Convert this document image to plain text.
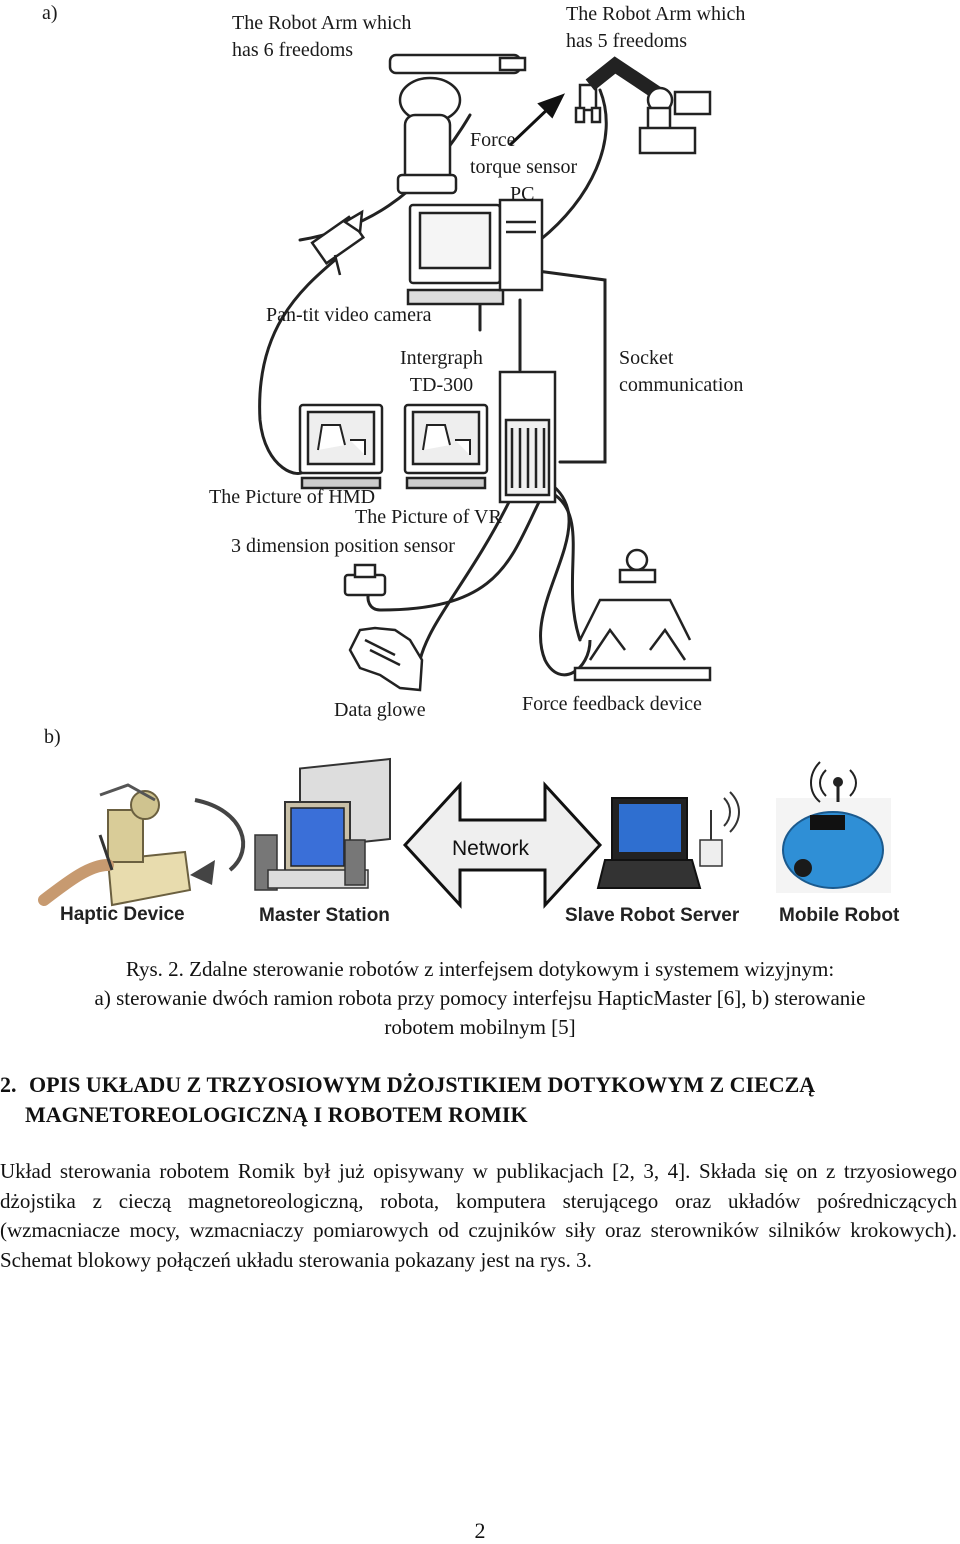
a)	The Robot Arm which
has 6 freedoms
The Robot Arm which
has 5 freedoms
Force
torque sensor
PC
Pan-tit video camera
Intergraph
TD-300
Socket
communication
The Picture of HMD
The Picture of VR
3 dimension position sensor
Data glowe	Force feedback device
b)
Haptic Device	Master Station	Slave Robot Server Mobile Robot
Network
Rys. 2. Zdalne sterowanie robotów z interfejsem dotykowym i systemem wizyjnym:
a) sterowanie dwóch ramion robota przy pomocy interfejsu HapticMaster [6], b) sterowanie
robotem mobilnym [5]
2. OPIS UKŁADU Z TRZYOSIOWYM DŻOJSTIKIEM DOTYKOWYM Z CIECZĄ
MAGNETOREOLOGICZNĄ I ROBOTEM ROMIK

Układ sterowania robotem Romik był już opisywany w publikacjach [2, 3, 4]. Składa się on z trzyosiowego dżojstika z cieczą magnetoreologiczną, robota, komputera sterującego oraz układów pośredniczących (wzmacniacze mocy, wzmacniaczy pomiarowych od czujników siły oraz sterowników silników krokowych). Schemat blokowy połączeń układu sterowania pokazany jest na rys. 3.

2
